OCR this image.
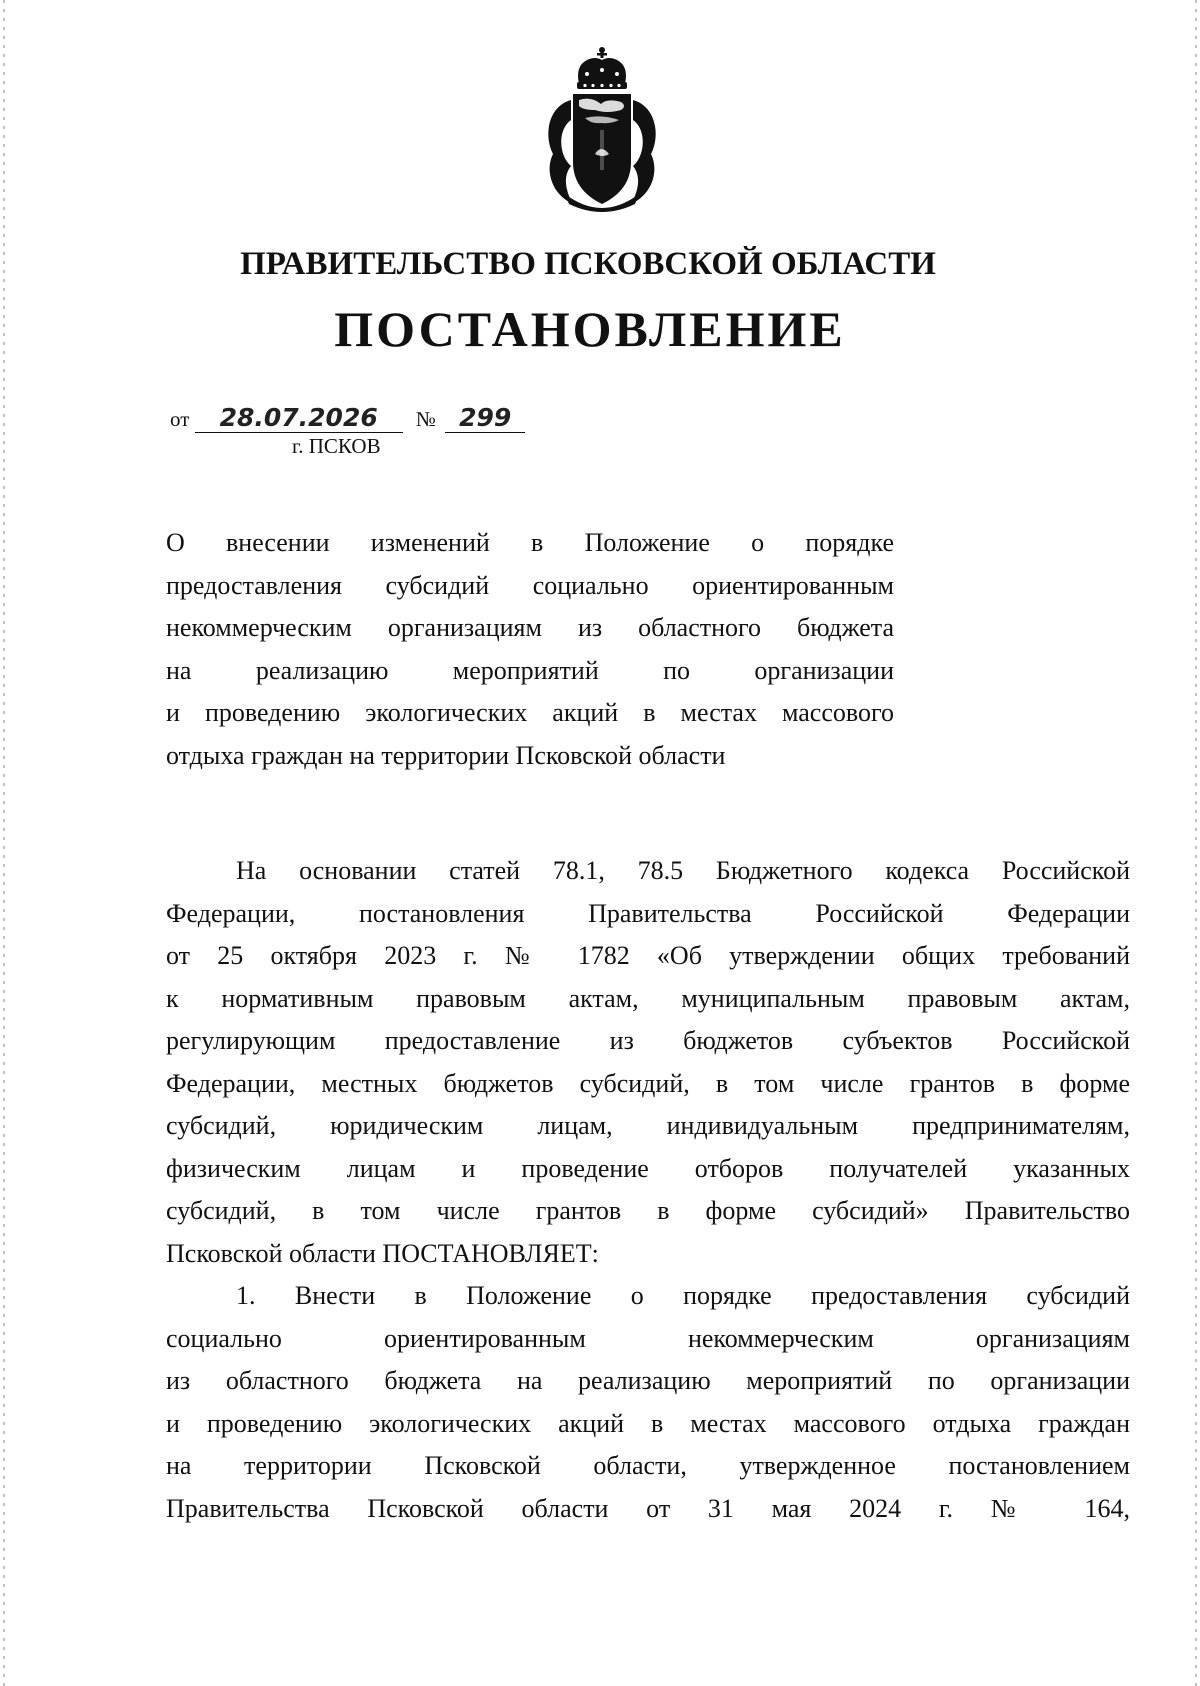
ПРАВИТЕЛЬСТВО ПСКОВСКОЙ ОБЛАСТИ
ПОСТАНОВЛЕНИЕ
от 28.07.2026 № 299
г. ПСКОВ
О внесении изменений в Положение о порядке
предоставления субсидий социально ориентированным
некоммерческим организациям из областного бюджета
на реализацию мероприятий по организации
и проведению экологических акций в местах массового
отдыха граждан на территории Псковской области
На основании статей 78.1, 78.5 Бюджетного кодекса Российской
Федерации, постановления Правительства Российской Федерации
от 25 октября 2023 г. № 1782 «Об утверждении общих требований
к нормативным правовым актам, муниципальным правовым актам,
регулирующим предоставление из бюджетов субъектов Российской
Федерации, местных бюджетов субсидий, в том числе грантов в форме
субсидий, юридическим лицам, индивидуальным предпринимателям,
физическим лицам и проведение отборов получателей указанных
субсидий, в том числе грантов в форме субсидий» Правительство
Псковской области ПОСТАНОВЛЯЕТ:
1. Внести в Положение о порядке предоставления субсидий
социально ориентированным некоммерческим организациям
из областного бюджета на реализацию мероприятий по организации
и проведению экологических акций в местах массового отдыха граждан
на территории Псковской области, утвержденное постановлением
Правительства Псковской области от 31 мая 2024 г. № 164,
